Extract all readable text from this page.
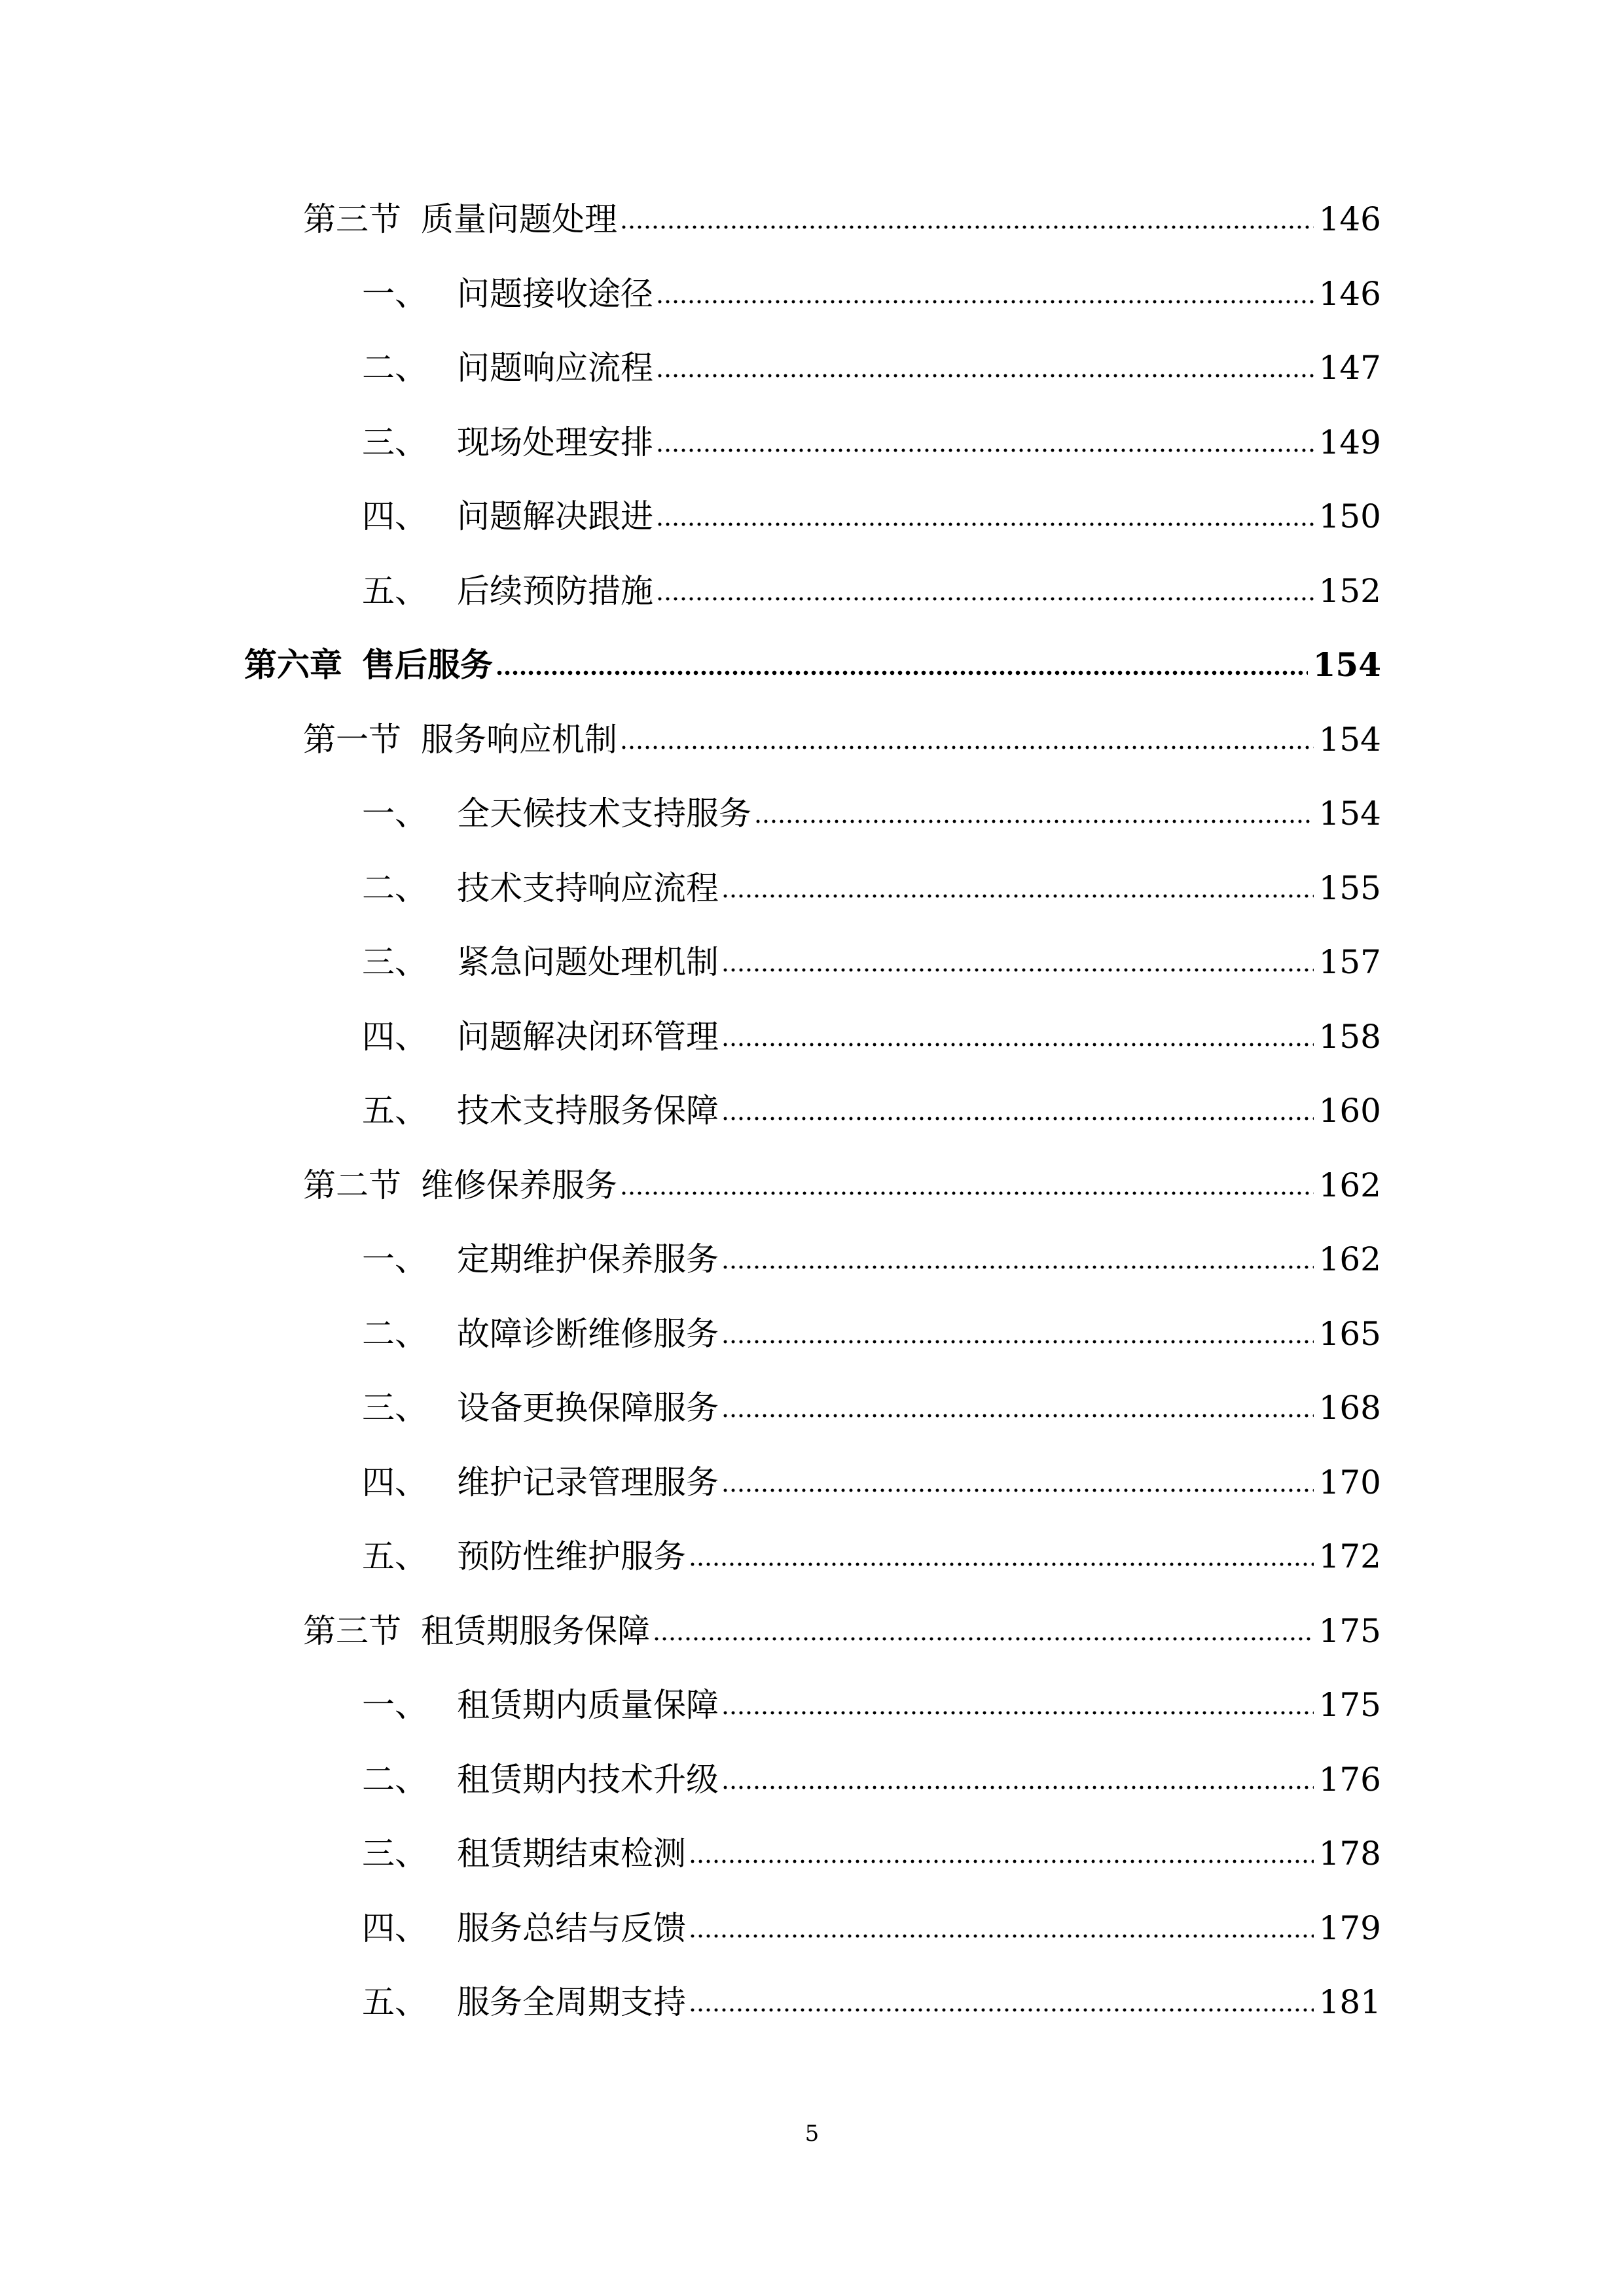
第三节 质量问题处理	146
一、 问题接收途径	146
二、 问题响应流程	147
三、 现场处理安排	149
四、 问题解决跟进	150
五、 后续预防措施	152
第六章 售后服务	154
第一节 服务响应机制	154
一、 全天候技术支持服务	154
二、 技术支持响应流程	155
三、 紧急问题处理机制	157
四、 问题解决闭环管理	158
五、 技术支持服务保障	160
第二节 维修保养服务	162
一、 定期维护保养服务	162
二、 故障诊断维修服务	165
三、 设备更换保障服务	168
四、 维护记录管理服务	170
五、 预防性维护服务	172
第三节 租赁期服务保障	175
一、 租赁期内质量保障	175
二、 租赁期内技术升级	176
三、 租赁期结束检测	178
四、 服务总结与反馈	179
五、 服务全周期支持	181
5
